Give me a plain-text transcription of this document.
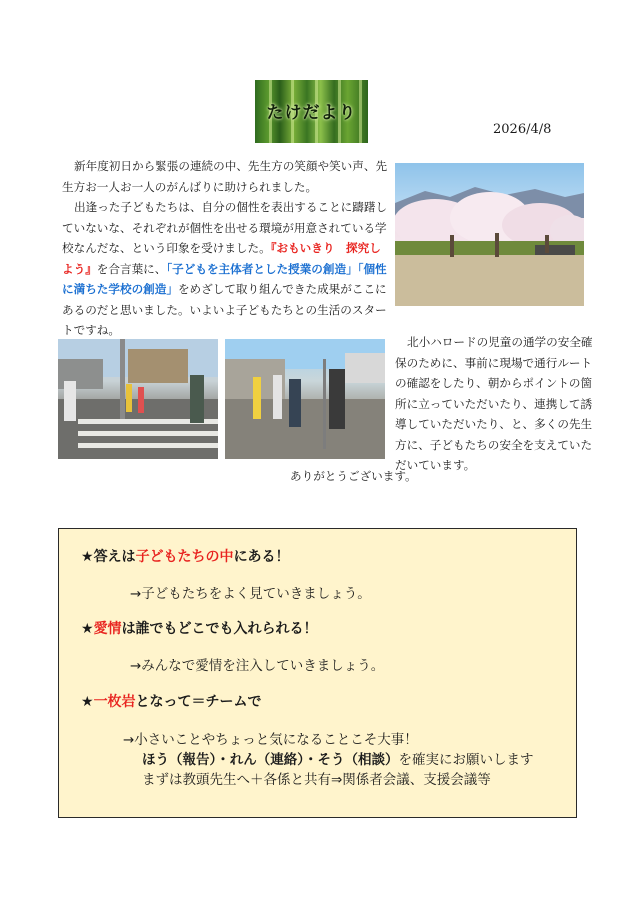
たけだより
2026/4/8
新年度初日から緊張の連続の中、先生方の笑顔や笑い声、先生方お一人お一人のがんばりに助けられました。
出逢った子どもたちは、自分の個性を表出することに躊躇していないな、それぞれが個性を出せる環境が用意されている学校なんだな、という印象を受けました。『おもいきり　探究しよう』を合言葉に、「子どもを主体者とした授業の創造」「個性に満ちた学校の創造」をめざして取り組んできた成果がここにあるのだと思いました。いよいよ子どもたちとの生活のスタートですね。
北小ハロードの児童の通学の安全確保のために、事前に現場で通行ルートの確認をしたり、朝からポイントの箇所に立っていただいたり、連携して誘導していただいたり、と、多くの先生方に、子どもたちの安全を支えていただいています。
ありがとうございます。
★答えは子どもたちの中にある！
→子どもたちをよく見ていきましょう。
★愛情は誰でもどこでも入れられる！
→みんなで愛情を注入していきましょう。
★一枚岩となって＝チームで
→小さいことやちょっと気になることこそ大事！
ほう（報告）・れん（連絡）・そう（相談）を確実にお願いします
まずは教頭先生へ＋各係と共有⇒関係者会議、支援会議等
